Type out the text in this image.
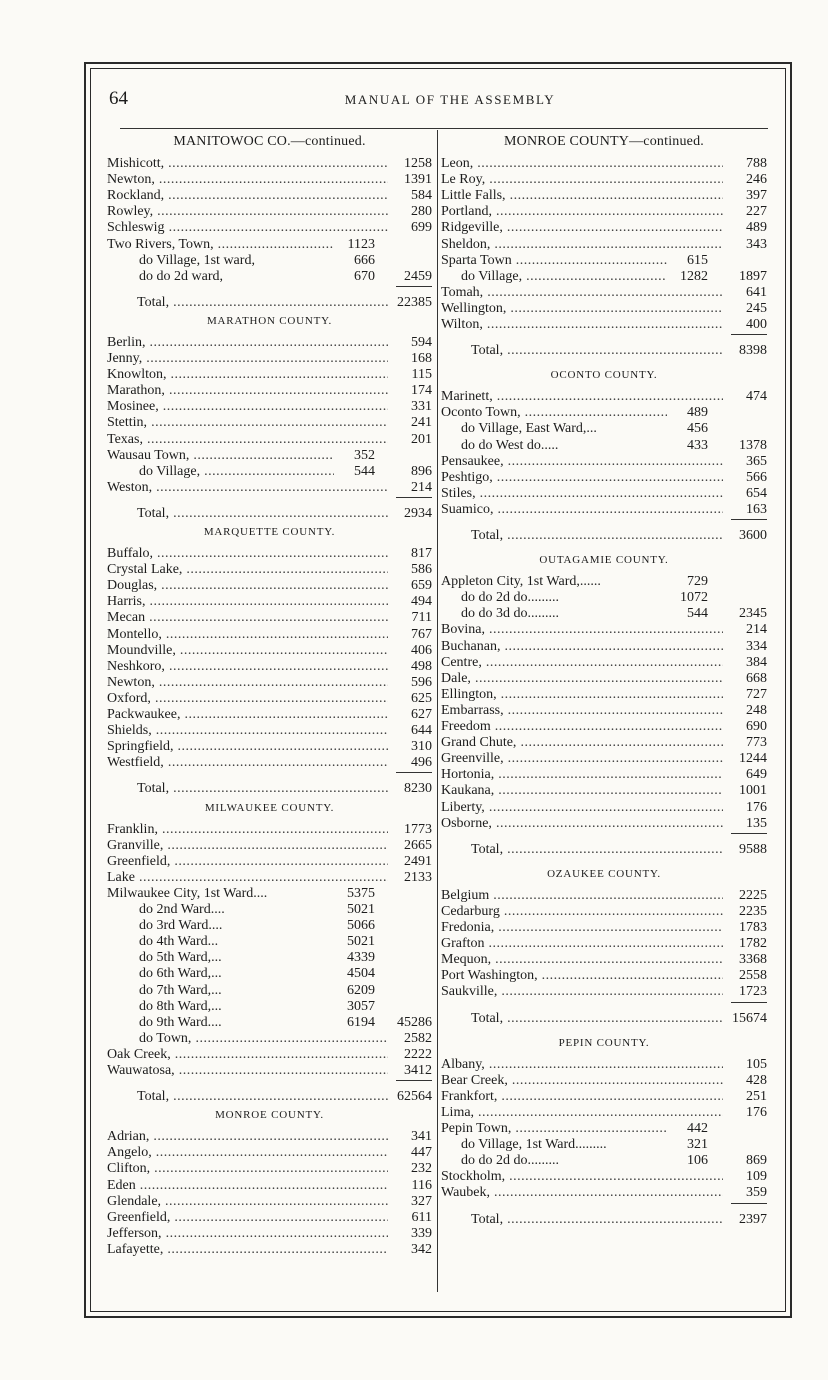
64	MANUAL OF THE ASSEMBLY
MANITOWOC CO.—continued.
Mishicott, .....	1258
Newton, .....	1391
Rockland, .....	584
Rowley, .....	280
Schleswig .....	699
Two Rivers, Town, .....	1123
do Village, 1st ward,	666
do do 2d ward,	670	2459
Total, .....	22385
MARATHON COUNTY.
Berlin, .....	594
Jenny, .....	168
Knowlton, .....	115
Marathon, .....	174
Mosinee, .....	331
Stettin, .....	241
Texas, .....	201
Wausau Town, .....	352
do Village, .....	544	896
Weston, .....	214
Total, .....	2934
MARQUETTE COUNTY.
Buffalo, .....	817
Crystal Lake, .....	586
Douglas, .....	659
Harris, .....	494
Mecan .....	711
Montello, .....	767
Moundville, .....	406
Neshkoro, .....	498
Newton, .....	596
Oxford, .....	625
Packwaukee, .....	627
Shields, .....	644
Springfield, .....	310
Westfield, .....	496
Total, .....	8230
MILWAUKEE COUNTY.
Franklin, .....	1773
Granville, .....	2665
Greenfield, .....	2491
Lake .....	2133
Milwaukee City, 1st Ward....	5375
do 2nd Ward....	5021
do 3rd Ward....	5066
do 4th Ward...	5021
do 5th Ward,...	4339
do 6th Ward,...	4504
do 7th Ward,...	6209
do 8th Ward,...	3057
do 9th Ward....	6194	45286
do Town, .....	2582
Oak Creek, .....	2222
Wauwatosa, .....	3412
Total, .....	62564
MONROE COUNTY.
Adrian, .....	341
Angelo, .....	447
Clifton, .....	232
Eden .....	116
Glendale, .....	327
Greenfield, .....	611
Jefferson, .....	339
Lafayette, .....	342
MONROE COUNTY—continued.
Leon, .....	788
Le Roy, .....	246
Little Falls, .....	397
Portland, .....	227
Ridgeville, .....	489
Sheldon, .....	343
Sparta Town .....	615
do Village, .....	1282	1897
Tomah, .....	641
Wellington, .....	245
Wilton, .....	400
Total, .....	8398
OCONTO COUNTY.
Marinett, .....	474
Oconto Town, .....	489
do Village, East Ward,...	456
do do West do.....	433	1378
Pensaukee, .....	365
Peshtigo, .....	566
Stiles, .....	654
Suamico, .....	163
Total, .....	3600
OUTAGAMIE COUNTY.
Appleton City, 1st Ward,......	729
do do 2d do.........	1072
do do 3d do.........	544	2345
Bovina, .....	214
Buchanan, .....	334
Centre, .....	384
Dale, .....	668
Ellington, .....	727
Embarrass, .....	248
Freedom .....	690
Grand Chute, .....	773
Greenville, .....	1244
Hortonia, .....	649
Kaukana, .....	1001
Liberty, .....	176
Osborne, .....	135
Total, .....	9588
OZAUKEE COUNTY.
Belgium .....	2225
Cedarburg .....	2235
Fredonia, .....	1783
Grafton .....	1782
Mequon, .....	3368
Port Washington, .....	2558
Saukville, .....	1723
Total, .....	15674
PEPIN COUNTY.
Albany, .....	105
Bear Creek, .....	428
Frankfort, .....	251
Lima, .....	176
Pepin Town, .....	442
do Village, 1st Ward.........	321
do do 2d do.........	106	869
Stockholm, .....	109
Waubek, .....	359
Total, .....	2397
